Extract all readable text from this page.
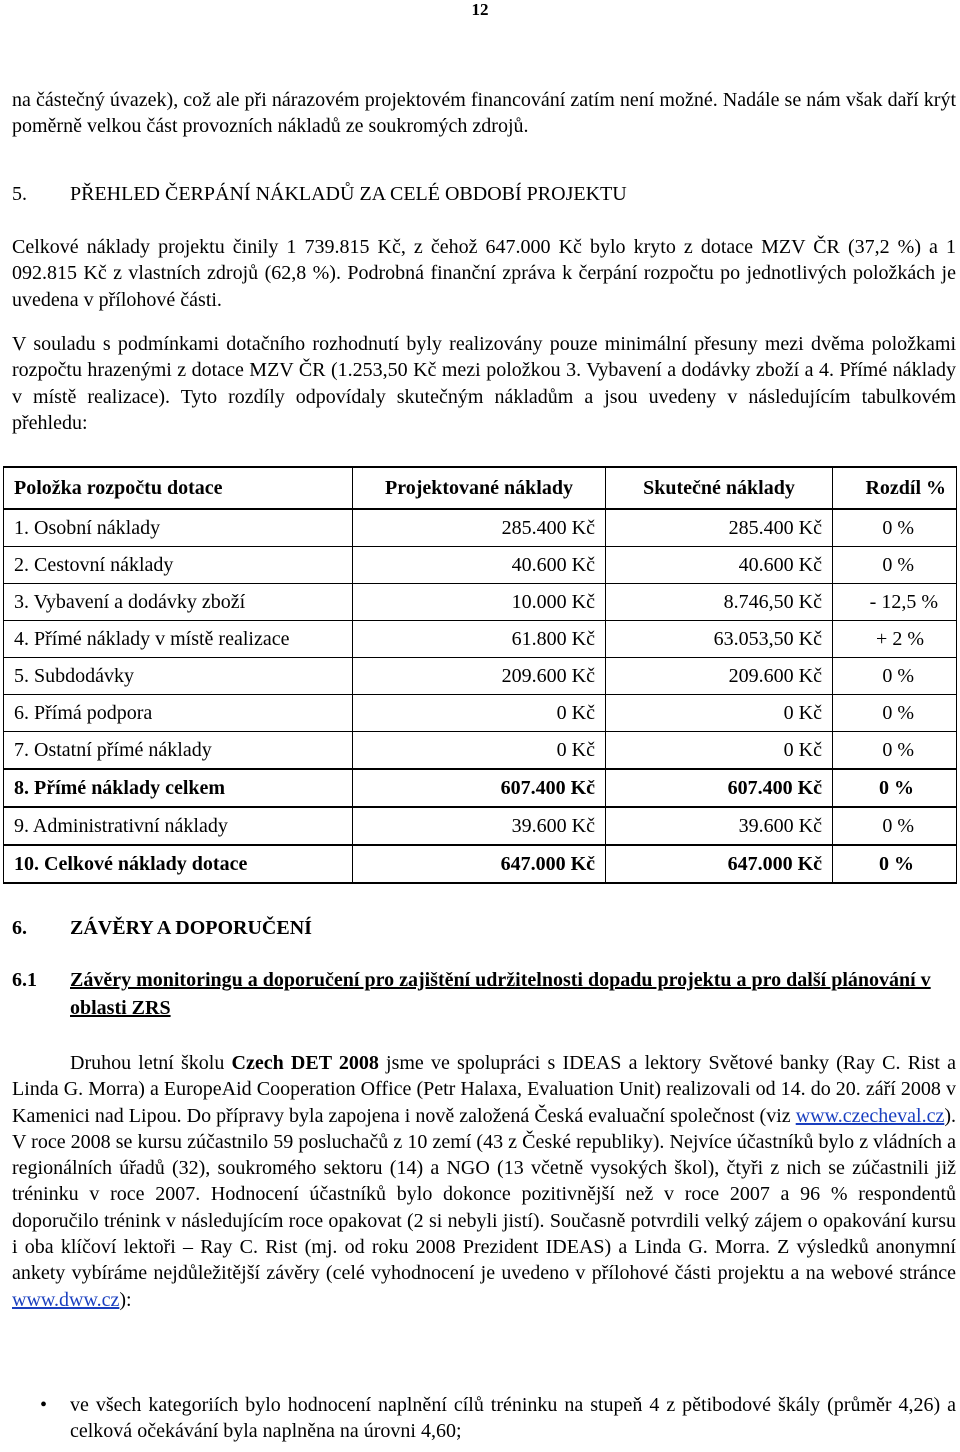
12

na částečný úvazek), což ale při nárazovém projektovém financování zatím není možné. Nadále se nám však daří krýt poměrně velkou část provozních nákladů ze soukromých zdrojů.

5. PŘEHLED ČERPÁNÍ NÁKLADŮ ZA CELÉ OBDOBÍ PROJEKTU

Celkové náklady projektu činily 1 739.815 Kč, z čehož 647.000 Kč bylo kryto z dotace MZV ČR (37,2 %) a 1 092.815 Kč z vlastních zdrojů (62,8 %). Podrobná finanční zpráva k čerpání rozpočtu po jednotlivých položkách je uvedena v přílohové části.

V souladu s podmínkami dotačního rozhodnutí byly realizovány pouze minimální přesuny mezi dvěma položkami rozpočtu hrazenými z dotace MZV ČR (1.253,50 Kč mezi položkou 3. Vybavení a dodávky zboží a 4. Přímé náklady v místě realizace). Tyto rozdíly odpovídaly skutečným nákladům a jsou uvedeny v následujícím tabulkovém přehledu:

Položka rozpočtu dotace	Projektované náklady	Skutečné náklady	Rozdíl %
1. Osobní náklady	285.400 Kč	285.400 Kč	0 %
2. Cestovní náklady	40.600 Kč	40.600 Kč	0 %
3. Vybavení a dodávky zboží	10.000 Kč	8.746,50 Kč	- 12,5 %
4. Přímé náklady v místě realizace	61.800 Kč	63.053,50 Kč	+ 2 %
5. Subdodávky	209.600 Kč	209.600 Kč	0 %
6. Přímá podpora	0 Kč	0 Kč	0 %
7. Ostatní přímé náklady	0 Kč	0 Kč	0 %
8. Přímé náklady celkem	607.400 Kč	607.400 Kč	0 %
9. Administrativní náklady	39.600 Kč	39.600 Kč	0 %
10. Celkové náklady dotace	647.000 Kč	647.000 Kč	0 %
6. ZÁVĚRY A DOPORUČENÍ
6.1 Závěry monitoringu a doporučení pro zajištění udržitelnosti dopadu projektu a pro další plánování v oblasti ZRS

Druhou letní školu Czech DET 2008 jsme ve spolupráci s IDEAS a lektory Světové banky (Ray C. Rist a Linda G. Morra) a EuropeAid Cooperation Office (Petr Halaxa, Evaluation Unit) realizovali od 14. do 20. září 2008 v Kamenici nad Lipou. Do přípravy byla zapojena i nově založená Česká evaluační společnost (viz www.czecheval.cz). V roce 2008 se kursu zúčastnilo 59 posluchačů z 10 zemí (43 z České republiky). Nejvíce účastníků bylo z vládních a regionálních úřadů (32), soukromého sektoru (14) a NGO (13 včetně vysokých škol), čtyři z nich se zúčastnili již tréninku v roce 2007. Hodnocení účastníků bylo dokonce pozitivnější než v roce 2007 a 96 % respondentů doporučilo trénink v následujícím roce opakovat (2 si nebyli jistí). Současně potvrdili velký zájem o opakování kursu i oba klíčoví lektoři – Ray C. Rist (mj. od roku 2008 Prezident IDEAS) a Linda G. Morra. Z výsledků anonymní ankety vybíráme nejdůležitější závěry (celé vyhodnocení je uvedeno v přílohové části projektu a na webové stránce www.dww.cz):

• ve všech kategoriích bylo hodnocení naplnění cílů tréninku na stupeň 4 z pětibodové škály (průměr 4,26) a celková očekávání byla naplněna na úrovni 4,60;
